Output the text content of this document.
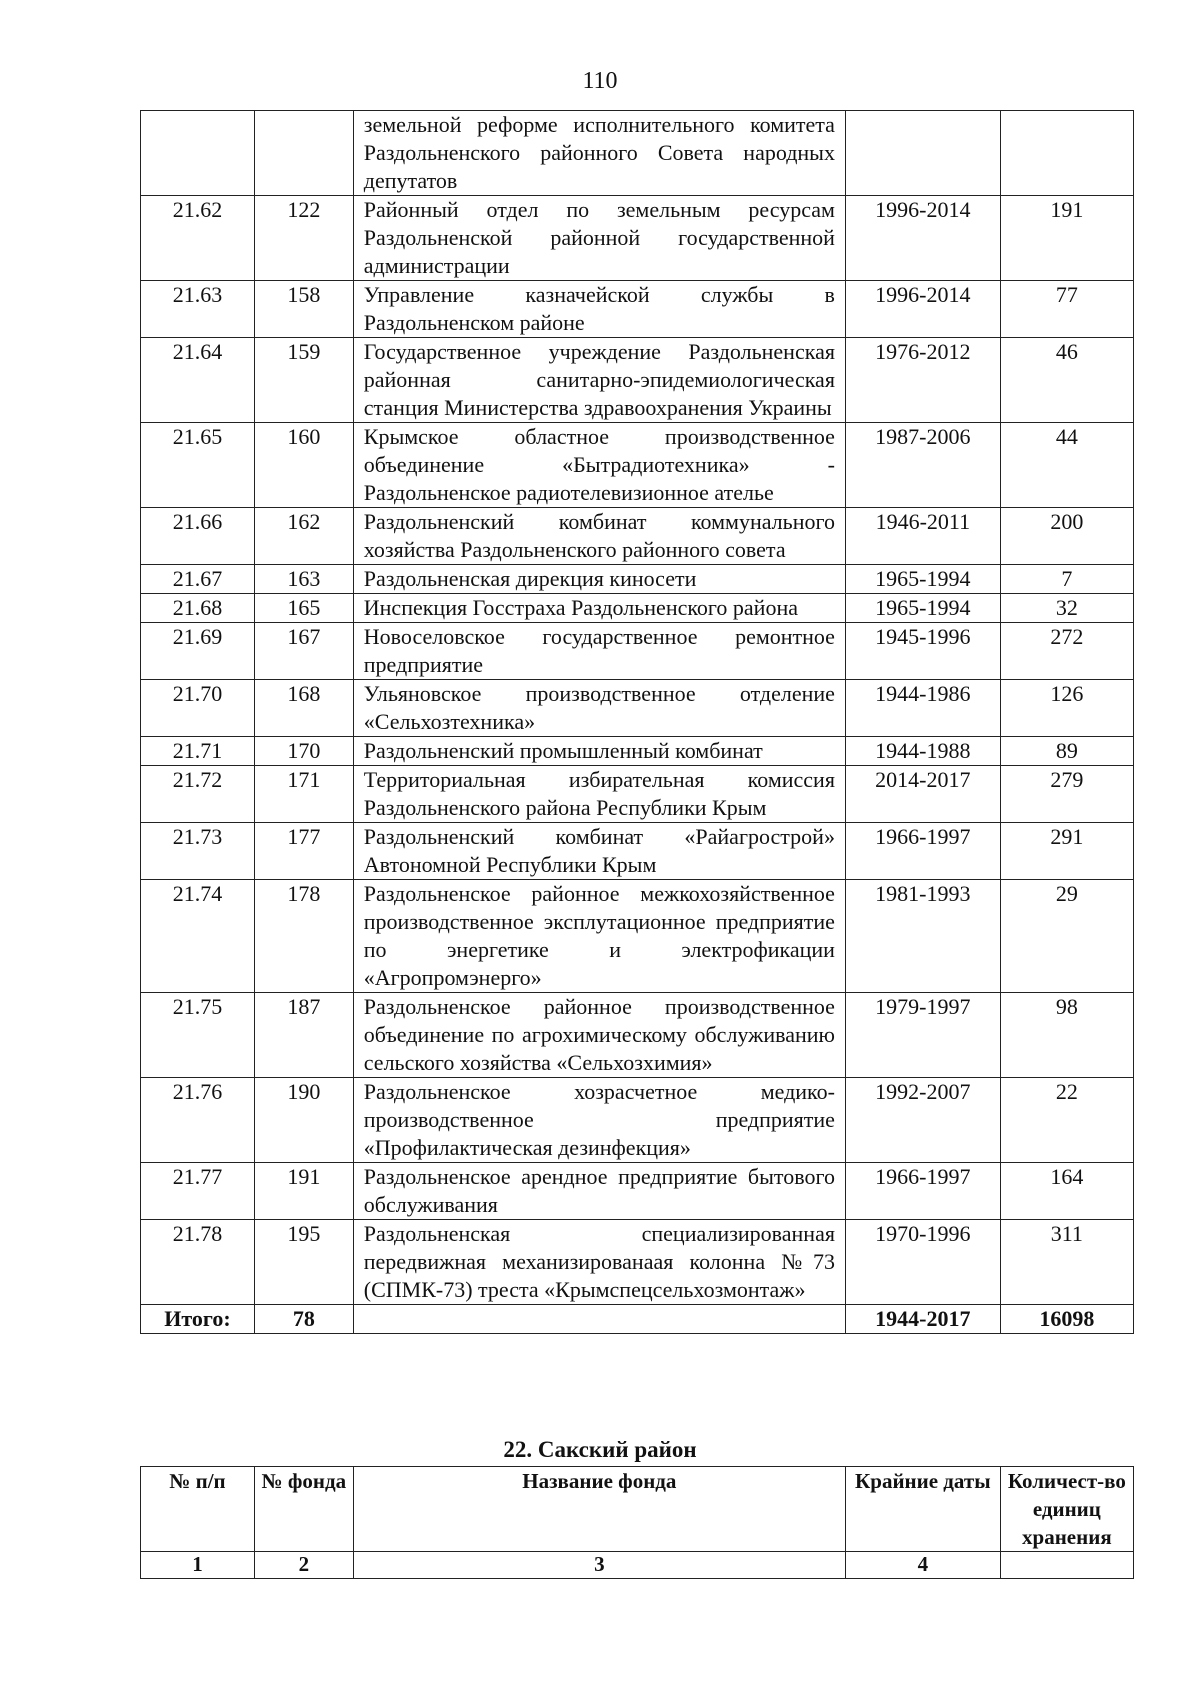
110
		земельной реформе исполнительного комитета Раздольненского районного Совета народных депутатов		
21.62	122	Районный отдел по земельным ресурсам Раздольненской районной государственной администрации	1996-2014	191
21.63	158	Управление казначейской службы в Раздольненском районе	1996-2014	77
21.64	159	Государственное учреждение Раздольненская районная санитарно-эпидемиологическая станция Министерства здравоохранения Украины	1976-2012	46
21.65	160	Крымское областное производственное объединение «Бытрадиотехника» - Раздольненское радиотелевизионное ателье	1987-2006	44
21.66	162	Раздольненский комбинат коммунального хозяйства Раздольненского районного совета	1946-2011	200
21.67	163	Раздольненская дирекция киносети	1965-1994	7
21.68	165	Инспекция Госстраха Раздольненского района	1965-1994	32
21.69	167	Новоселовское государственное ремонтное предприятие	1945-1996	272
21.70	168	Ульяновское производственное отделение «Сельхозтехника»	1944-1986	126
21.71	170	Раздольненский промышленный комбинат	1944-1988	89
21.72	171	Территориальная избирательная комиссия Раздольненского района Республики Крым	2014-2017	279
21.73	177	Раздольненский комбинат «Райагрострой» Автономной Республики Крым	1966-1997	291
21.74	178	Раздольненское районное межкохозяйственное производственное эксплутационное предприятие по энергетике и электрофикации «Агропромэнерго»	1981-1993	29
21.75	187	Раздольненское районное производственное объединение по агрохимическому обслуживанию сельского хозяйства «Сельхозхимия»	1979-1997	98
21.76	190	Раздольненское хозрасчетное медико-производственное предприятие «Профилактическая дезинфекция»	1992-2007	22
21.77	191	Раздольненское арендное предприятие бытового обслуживания	1966-1997	164
21.78	195	Раздольненская специализированная передвижная механизированаая колонна №73 (СПМК-73) треста «Крымспецсельхозмонтаж»	1970-1996	311
Итого:	78		1944-2017	16098
22. Сакский район
№ п/п	№ фонда	Название фонда	Крайние даты	Количест-во единиц хранения
1	2	3	4	
